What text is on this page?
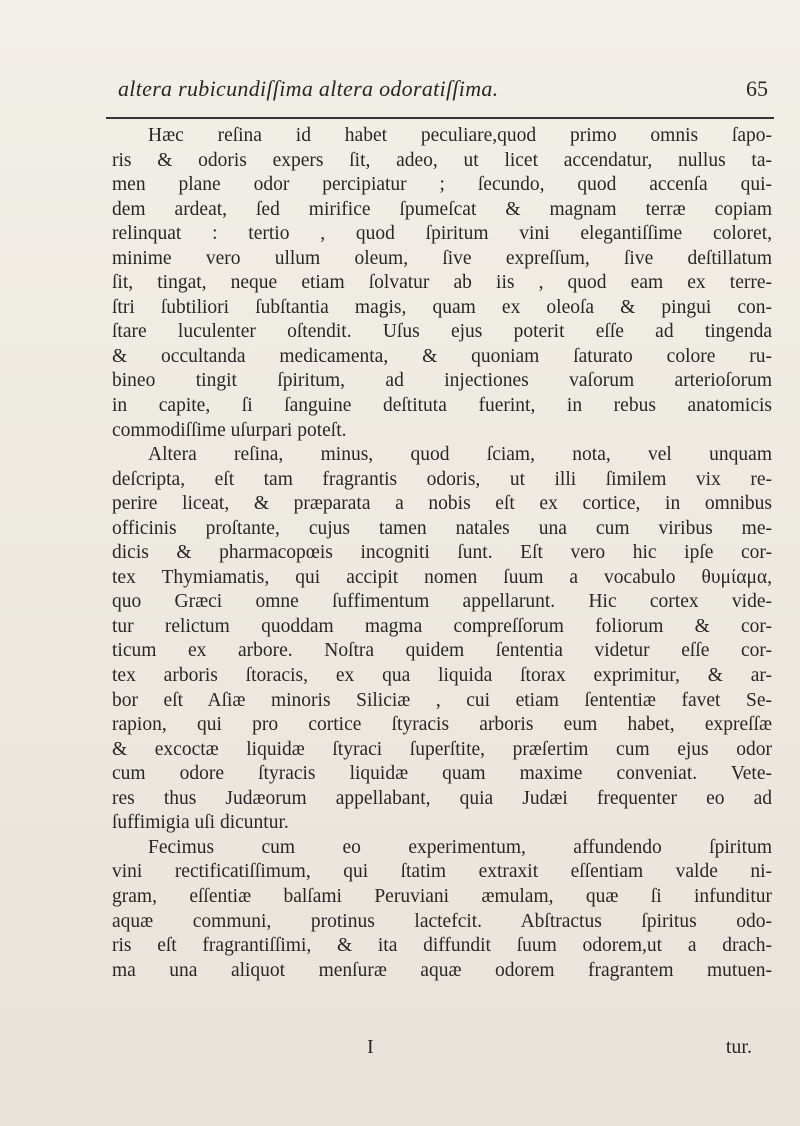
altera rubicundiſſima altera odoratiſſima.	65
Hæc reſina id habet peculiare,quod primo omnis ſapo-
ris & odoris expers ſit, adeo, ut licet accendatur, nullus ta-
men plane odor percipiatur ; ſecundo, quod accenſa qui-
dem ardeat, ſed mirifice ſpumeſcat & magnam terræ copiam
relinquat : tertio , quod ſpiritum vini elegantiſſime coloret,
minime vero ullum oleum, ſive expreſſum, ſive deſtillatum
ſit, tingat, neque etiam ſolvatur ab iis , quod eam ex terre-
ſtri ſubtiliori ſubſtantia magis, quam ex oleoſa & pingui con-
ſtare luculenter oſtendit. Uſus ejus poterit eſſe ad tingenda
& occultanda medicamenta, & quoniam ſaturato colore ru-
bineo tingit ſpiritum, ad injectiones vaſorum arterioſorum
in capite, ſi ſanguine deſtituta fuerint, in rebus anatomicis
commodiſſime uſurpari poteſt.
Altera reſina, minus, quod ſciam, nota, vel unquam
deſcripta, eſt tam fragrantis odoris, ut illi ſimilem vix re-
perire liceat, & præparata a nobis eſt ex cortice, in omnibus
officinis proſtante, cujus tamen natales una cum viribus me-
dicis & pharmacopœis incogniti ſunt. Eſt vero hic ipſe cor-
tex Thymiamatis, qui accipit nomen ſuum a vocabulo θυμίαμα,
quo Græci omne ſuffimentum appellarunt. Hic cortex vide-
tur relictum quoddam magma compreſſorum foliorum & cor-
ticum ex arbore. Noſtra quidem ſententia videtur eſſe cor-
tex arboris ſtoracis, ex qua liquida ſtorax exprimitur, & ar-
bor eſt Aſiæ minoris Siliciæ , cui etiam ſententiæ favet Se-
rapion, qui pro cortice ſtyracis arboris eum habet, expreſſæ
& excoctæ liquidæ ſtyraci ſuperſtite, præſertim cum ejus odor
cum odore ſtyracis liquidæ quam maxime conveniat. Vete-
res thus Judæorum appellabant, quia Judæi frequenter eo ad
ſuffimigia uſi dicuntur.
Fecimus cum eo experimentum, affundendo ſpiritum
vini rectificatiſſimum, qui ſtatim extraxit eſſentiam valde ni-
gram, eſſentiæ balſami Peruviani æmulam, quæ ſi infunditur
aquæ communi, protinus lactefcit. Abſtractus ſpiritus odo-
ris eſt fragrantiſſimi, & ita diffundit ſuum odorem,ut a drach-
ma una aliquot menſuræ aquæ odorem fragrantem mutuen-
I	tur.
